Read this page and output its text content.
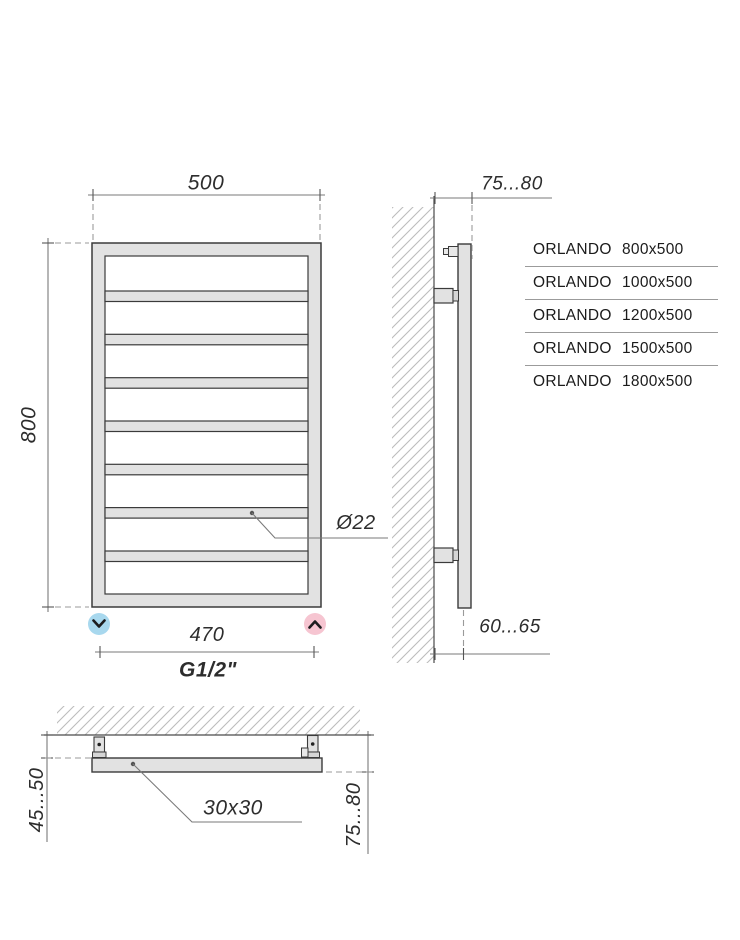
500
800
470
G1/2"
Ø22
75...80
60...65
45...50	75...80
30x30
ORLANDO 800x500
ORLANDO 1000x500
ORLANDO 1200x500
ORLANDO 1500x500
ORLANDO 1800x500
